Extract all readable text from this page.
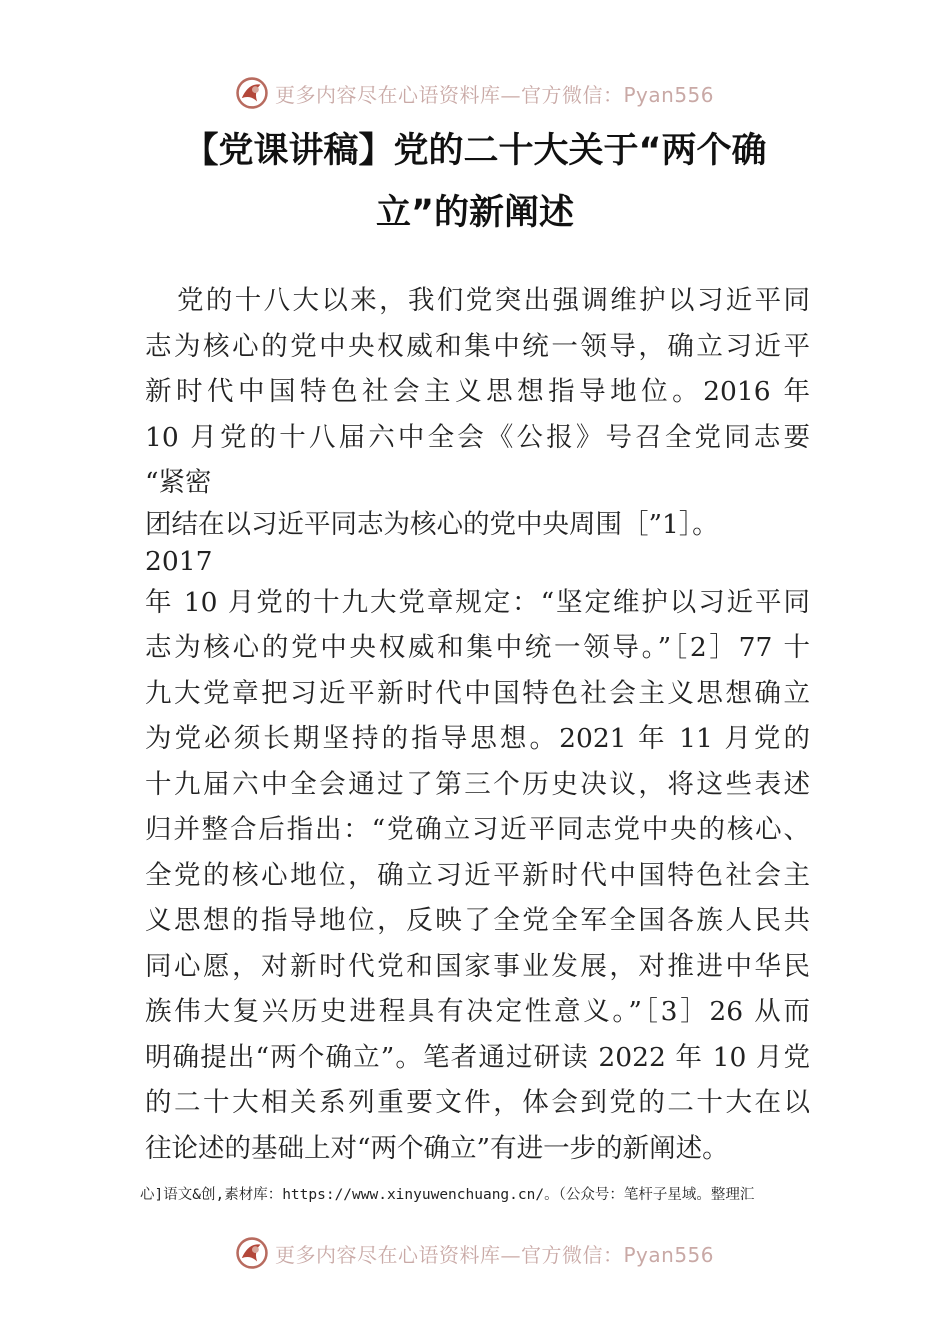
更多内容尽在心语资料库—官方微信：Pyan556
【党课讲稿】党的二十大关于“两个确
立”的新阐述
党的十八大以来，我们党突出强调维护以习近平同
志为核心的党中央权威和集中统一领导，确立习近平
新时代中国特色社会主义思想指导地位。2016 年
10 月党的十八届六中全会《公报》号召全党同志要
“紧密
团结在以习近平同志为核心的党中央周围［”1］。
2017
年 10 月党的十九大党章规定：“坚定维护以习近平同
志为核心的党中央权威和集中统一领导。”［2］77 十
九大党章把习近平新时代中国特色社会主义思想确立
为党必须长期坚持的指导思想。2021 年 11 月党的
十九届六中全会通过了第三个历史决议，将这些表述
归并整合后指出：“党确立习近平同志党中央的核心、
全党的核心地位，确立习近平新时代中国特色社会主
义思想的指导地位，反映了全党全军全国各族人民共
同心愿，对新时代党和国家事业发展，对推进中华民
族伟大复兴历史进程具有决定性意义。”［3］26 从而
明确提出“两个确立”。笔者通过研读 2022 年 10 月党
的二十大相关系列重要文件，体会到党的二十大在以
往论述的基础上对“两个确立”有进一步的新阐述。
心]语文&创,素材库：https://www.xinyuwenchuang.cn/。（公众号：笔杆子星域。整理汇
更多内容尽在心语资料库—官方微信：Pyan556
